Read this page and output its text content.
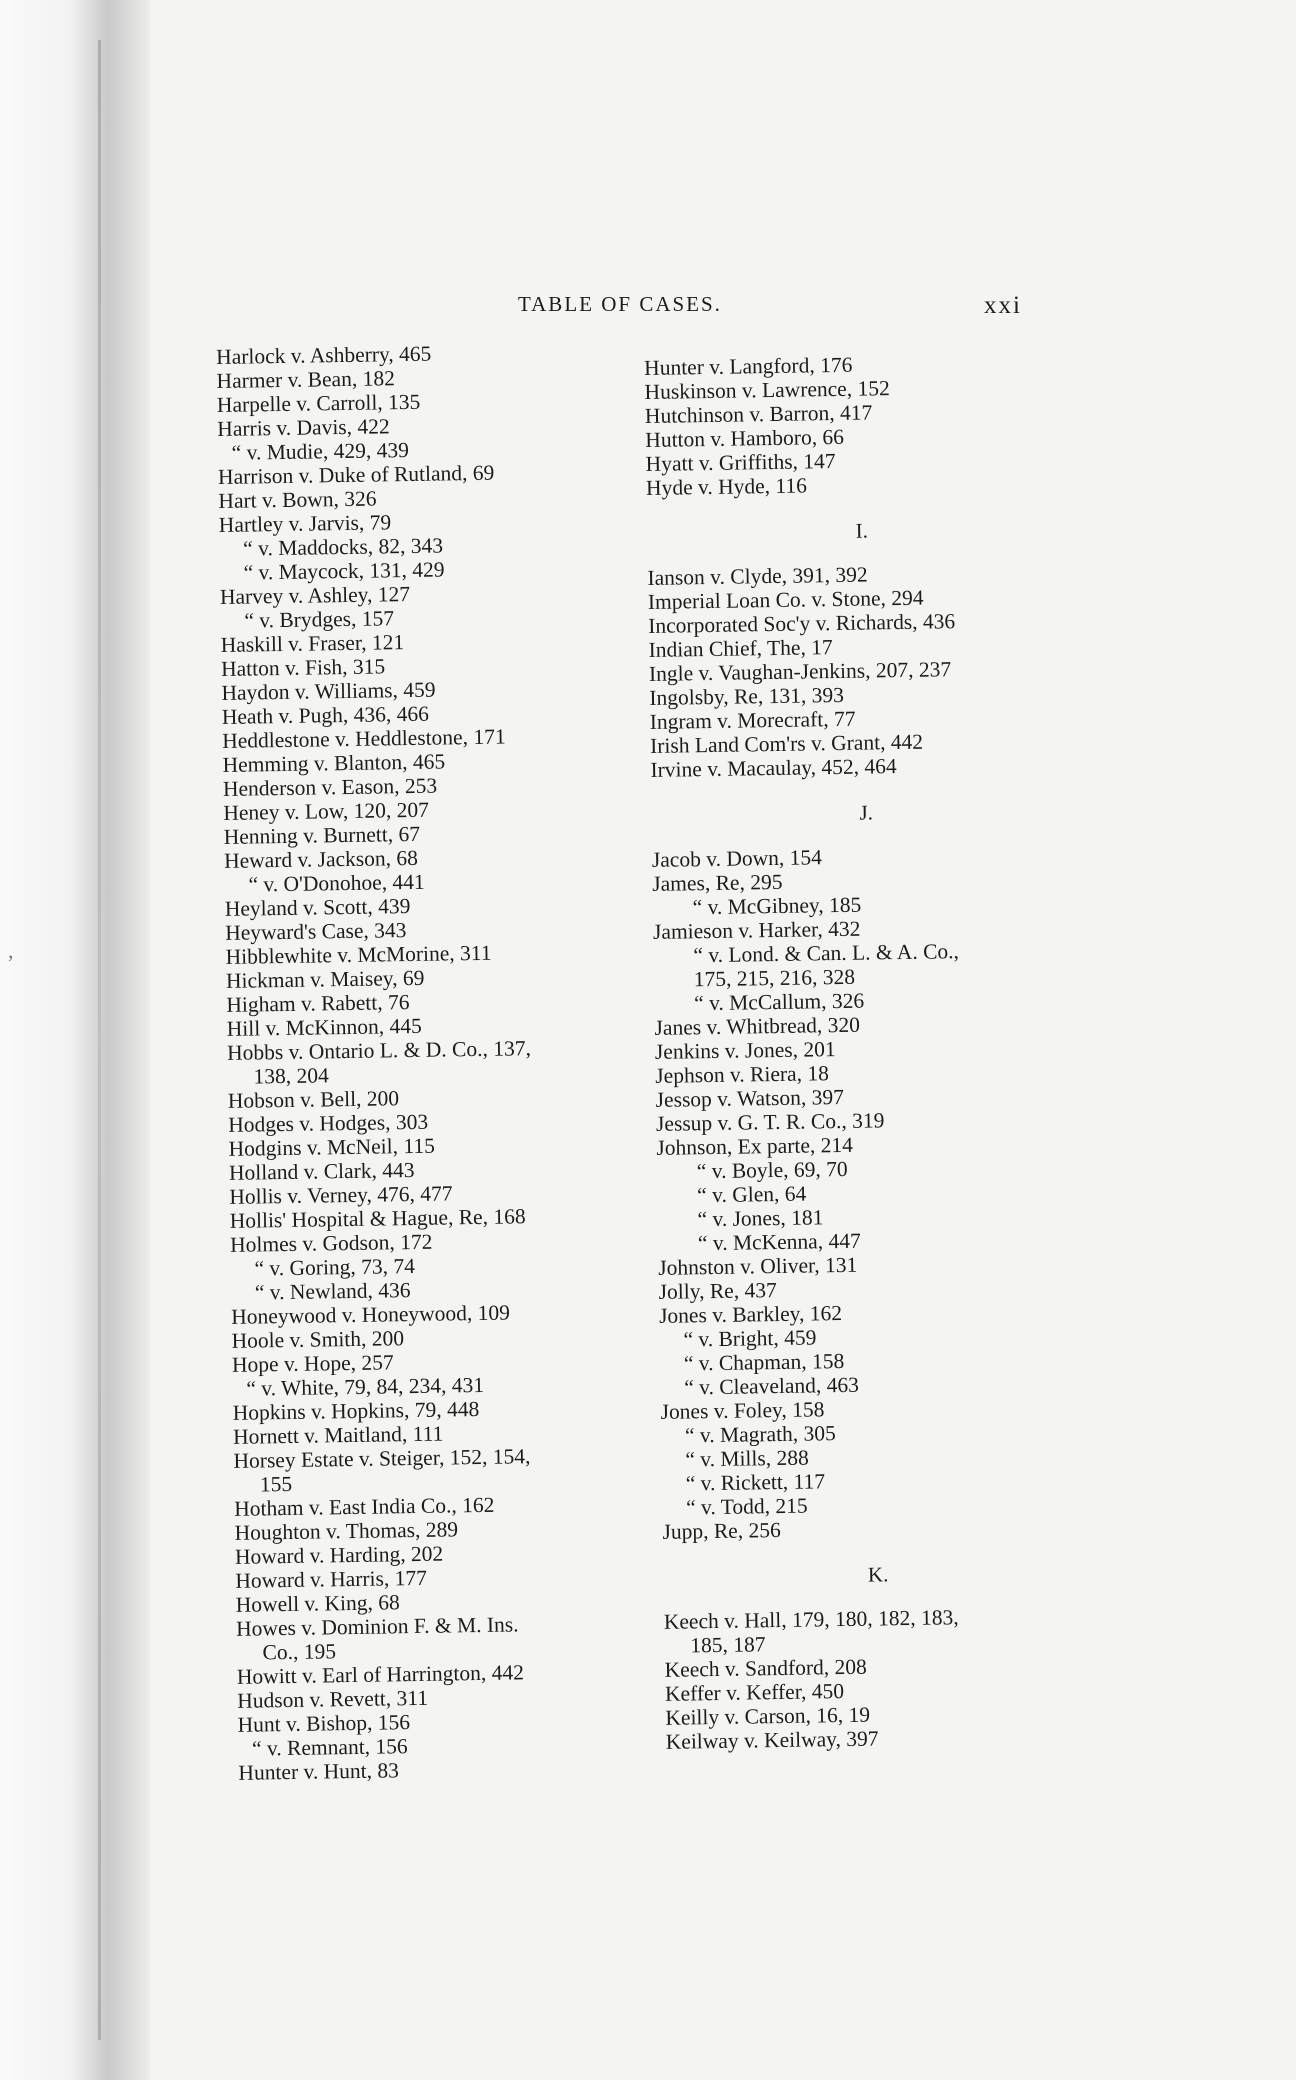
,
TABLE OF CASES.	xxi
Harlock v. Ashberry, 465
Harmer v. Bean, 182
Harpelle v. Carroll, 135
Harris v. Davis, 422
“ v. Mudie, 429, 439
Harrison v. Duke of Rutland, 69
Hart v. Bown, 326
Hartley v. Jarvis, 79
“ v. Maddocks, 82, 343
“ v. Maycock, 131, 429
Harvey v. Ashley, 127
“ v. Brydges, 157
Haskill v. Fraser, 121
Hatton v. Fish, 315
Haydon v. Williams, 459
Heath v. Pugh, 436, 466
Heddlestone v. Heddlestone, 171
Hemming v. Blanton, 465
Henderson v. Eason, 253
Heney v. Low, 120, 207
Henning v. Burnett, 67
Heward v. Jackson, 68
“ v. O'Donohoe, 441
Heyland v. Scott, 439
Heyward's Case, 343
Hibblewhite v. McMorine, 311
Hickman v. Maisey, 69
Higham v. Rabett, 76
Hill v. McKinnon, 445
Hobbs v. Ontario L. & D. Co., 137,
138, 204
Hobson v. Bell, 200
Hodges v. Hodges, 303
Hodgins v. McNeil, 115
Holland v. Clark, 443
Hollis v. Verney, 476, 477
Hollis' Hospital & Hague, Re, 168
Holmes v. Godson, 172
“ v. Goring, 73, 74
“ v. Newland, 436
Honeywood v. Honeywood, 109
Hoole v. Smith, 200
Hope v. Hope, 257
“ v. White, 79, 84, 234, 431
Hopkins v. Hopkins, 79, 448
Hornett v. Maitland, 111
Horsey Estate v. Steiger, 152, 154,
155
Hotham v. East India Co., 162
Houghton v. Thomas, 289
Howard v. Harding, 202
Howard v. Harris, 177
Howell v. King, 68
Howes v. Dominion F. & M. Ins.
Co., 195
Howitt v. Earl of Harrington, 442
Hudson v. Revett, 311
Hunt v. Bishop, 156
“ v. Remnant, 156
Hunter v. Hunt, 83
Hunter v. Langford, 176
Huskinson v. Lawrence, 152
Hutchinson v. Barron, 417
Hutton v. Hamboro, 66
Hyatt v. Griffiths, 147
Hyde v. Hyde, 116
I.
Ianson v. Clyde, 391, 392
Imperial Loan Co. v. Stone, 294
Incorporated Soc'y v. Richards, 436
Indian Chief, The, 17
Ingle v. Vaughan-Jenkins, 207, 237
Ingolsby, Re, 131, 393
Ingram v. Morecraft, 77
Irish Land Com'rs v. Grant, 442
Irvine v. Macaulay, 452, 464
J.
Jacob v. Down, 154
James, Re, 295
“ v. McGibney, 185
Jamieson v. Harker, 432
“ v. Lond. & Can. L. & A. Co.,
175, 215, 216, 328
“ v. McCallum, 326
Janes v. Whitbread, 320
Jenkins v. Jones, 201
Jephson v. Riera, 18
Jessop v. Watson, 397
Jessup v. G. T. R. Co., 319
Johnson, Ex parte, 214
“ v. Boyle, 69, 70
“ v. Glen, 64
“ v. Jones, 181
“ v. McKenna, 447
Johnston v. Oliver, 131
Jolly, Re, 437
Jones v. Barkley, 162
“ v. Bright, 459
“ v. Chapman, 158
“ v. Cleaveland, 463
Jones v. Foley, 158
“ v. Magrath, 305
“ v. Mills, 288
“ v. Rickett, 117
“ v. Todd, 215
Jupp, Re, 256
K.
Keech v. Hall, 179, 180, 182, 183,
185, 187
Keech v. Sandford, 208
Keffer v. Keffer, 450
Keilly v. Carson, 16, 19
Keilway v. Keilway, 397
